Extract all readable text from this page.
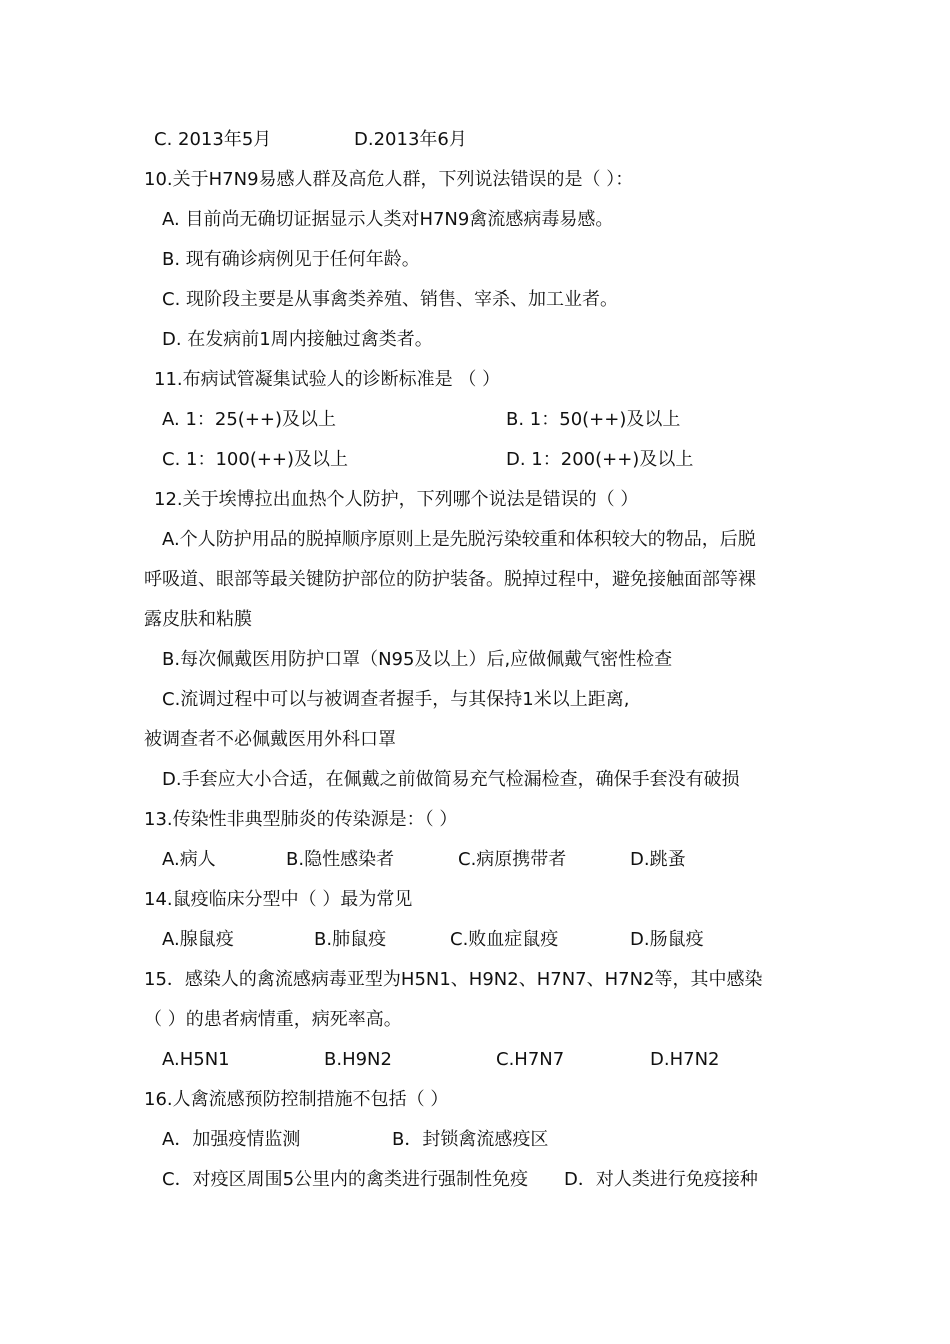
C. 2013年5月	D.2013年6月
10.关于H7N9易感人群及高危人群，下列说法错误的是（ ）：
A. 目前尚无确切证据显示人类对H7N9禽流感病毒易感。
B. 现有确诊病例见于任何年龄。
C. 现阶段主要是从事禽类养殖、销售、宰杀、加工业者。
D. 在发病前1周内接触过禽类者。
11.布病试管凝集试验人的诊断标准是 （ ）
A. 1：25(++)及以上	B. 1：50(++)及以上
C. 1：100(++)及以上	D. 1：200(++)及以上
12.关于埃博拉出血热个人防护，下列哪个说法是错误的（ ）
A.个人防护用品的脱掉顺序原则上是先脱污染较重和体积较大的物品，后脱
呼吸道、眼部等最关键防护部位的防护装备。脱掉过程中，避免接触面部等裸
露皮肤和粘膜
B.每次佩戴医用防护口罩（N95及以上）后,应做佩戴气密性检查
C.流调过程中可以与被调查者握手，与其保持1米以上距离,
被调查者不必佩戴医用外科口罩
D.手套应大小合适，在佩戴之前做简易充气检漏检查，确保手套没有破损
13.传染性非典型肺炎的传染源是：（ ）
A.病人	B.隐性感染者	C.病原携带者	D.跳蚤
14.鼠疫临床分型中（ ）最为常见
A.腺鼠疫	B.肺鼠疫	C.败血症鼠疫	D.肠鼠疫
15．感染人的禽流感病毒亚型为H5N1、H9N2、H7N7、H7N2等，其中感染
（ ）的患者病情重，病死率高。
A.H5N1	B.H9N2	C.H7N7	D.H7N2
16.人禽流感预防控制措施不包括（ ）
A．加强疫情监测	B．封锁禽流感疫区
C．对疫区周围5公里内的禽类进行强制性免疫 D．对人类进行免疫接种
